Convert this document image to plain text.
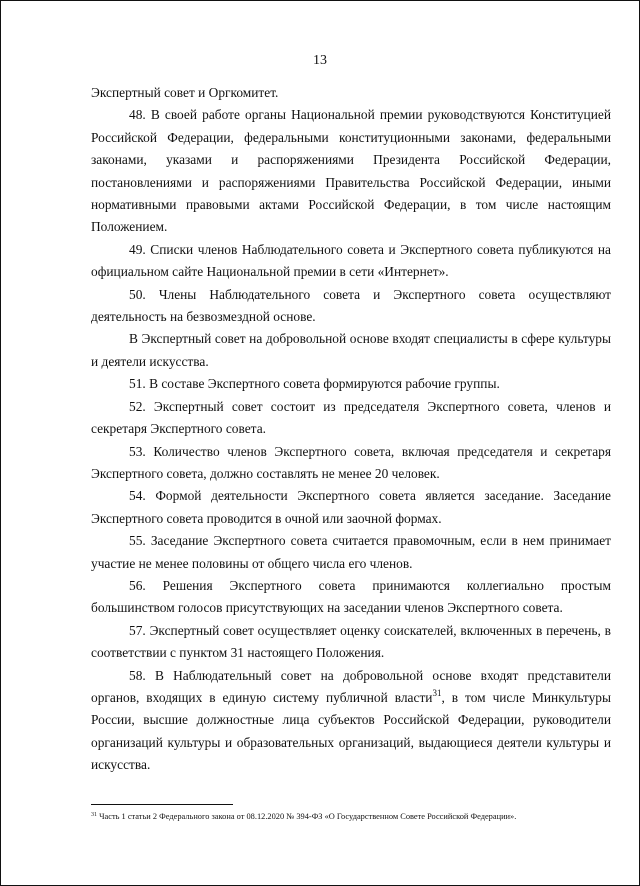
13

Экспертный совет и Оргкомитет.

48. В своей работе органы Национальной премии руководствуются Конституцией Российской Федерации, федеральными конституционными законами, федеральными законами, указами и распоряжениями Президента Российской Федерации, постановлениями и распоряжениями Правительства Российской Федерации, иными нормативными правовыми актами Российской Федерации, в том числе настоящим Положением.

49. Списки членов Наблюдательного совета и Экспертного совета публикуются на официальном сайте Национальной премии в сети «Интернет».

50. Члены Наблюдательного совета и Экспертного совета осуществляют деятельность на безвозмездной основе.

В Экспертный совет на добровольной основе входят специалисты в сфере культуры и деятели искусства.

51. В составе Экспертного совета формируются рабочие группы.

52. Экспертный совет состоит из председателя Экспертного совета, членов и секретаря Экспертного совета.

53. Количество членов Экспертного совета, включая председателя и секретаря Экспертного совета, должно составлять не менее 20 человек.

54. Формой деятельности Экспертного совета является заседание. Заседание Экспертного совета проводится в очной или заочной формах.

55. Заседание Экспертного совета считается правомочным, если в нем принимает участие не менее половины от общего числа его членов.

56. Решения Экспертного совета принимаются коллегиально простым большинством голосов присутствующих на заседании членов Экспертного совета.

57. Экспертный совет осуществляет оценку соискателей, включенных в перечень, в соответствии с пунктом 31 настоящего Положения.

58. В Наблюдательный совет на добровольной основе входят представители органов, входящих в единую систему публичной власти$^{31}$, в том числе Минкультуры России, высшие должностные лица субъектов Российской Федерации, руководители организаций культуры и образовательных организаций, выдающиеся деятели культуры и искусства.

$^{31}$ Часть 1 статьи 2 Федерального закона от 08.12.2020 № 394-ФЗ «О Государственном Совете Российской Федерации».
